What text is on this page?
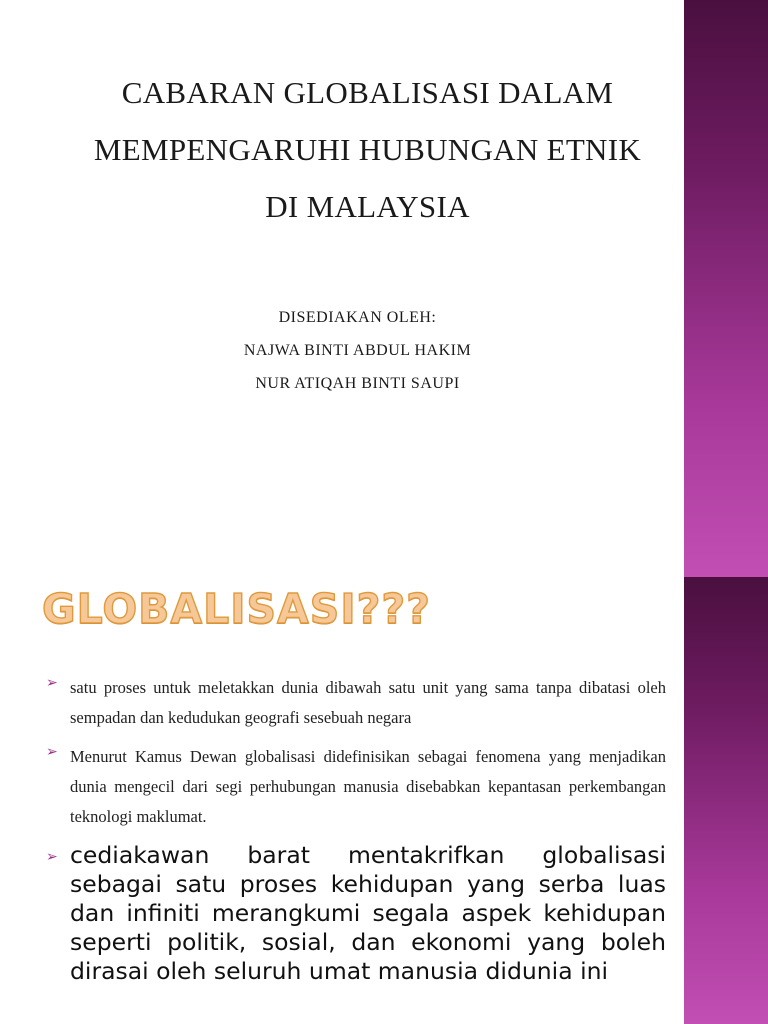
CABARAN GLOBALISASI DALAM
MEMPENGARUHI HUBUNGAN ETNIK
DI MALAYSIA
DISEDIAKAN OLEH:
NAJWA BINTI ABDUL HAKIM
NUR ATIQAH BINTI SAUPI
GLOBALISASI???
➢ satu proses untuk meletakkan dunia dibawah satu unit yang sama tanpa dibatasi oleh sempadan dan kedudukan geografi sesebuah negara
➢ Menurut Kamus Dewan globalisasi didefinisikan sebagai fenomena yang menjadikan dunia mengecil dari segi perhubungan manusia disebabkan kepantasan perkembangan teknologi maklumat.
➢ cediakawan barat mentakrifkan globalisasi sebagai satu proses kehidupan yang serba luas dan infiniti merangkumi segala aspek kehidupan seperti politik, sosial, dan ekonomi yang boleh dirasai oleh seluruh umat manusia didunia ini
